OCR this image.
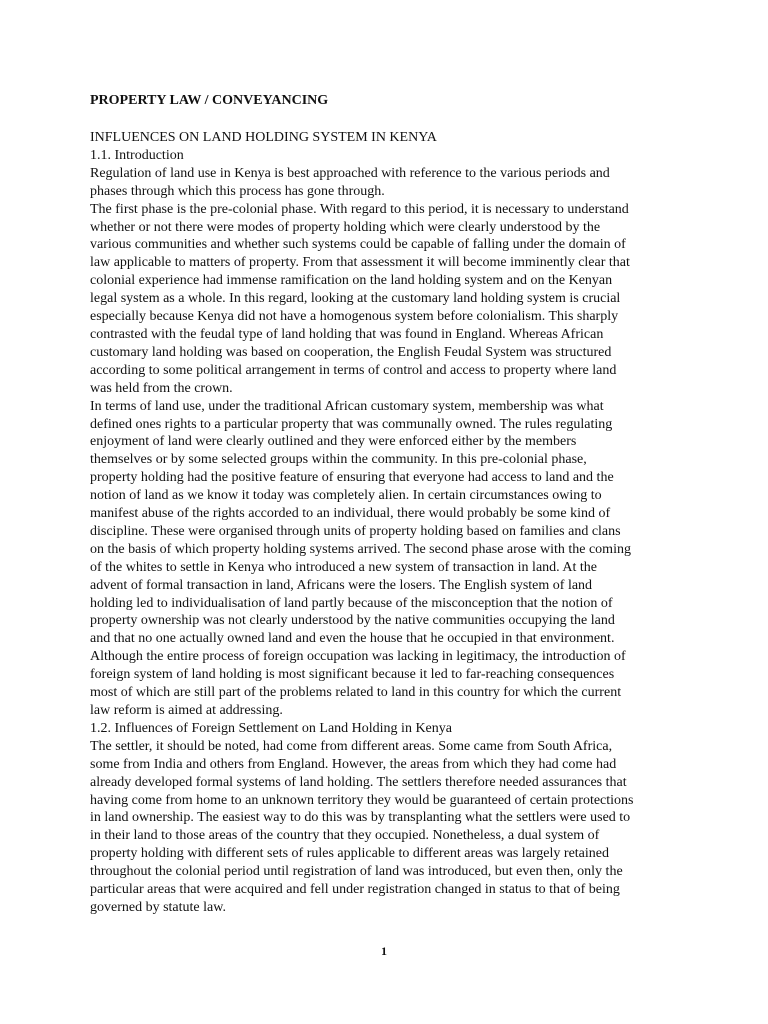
PROPERTY LAW / CONVEYANCING
INFLUENCES ON LAND HOLDING SYSTEM IN KENYA
1.1. Introduction
Regulation of land use in Kenya is best approached with reference to the various periods and
phases through which this process has gone through.
The first phase is the pre-colonial phase. With regard to this period, it is necessary to understand
whether or not there were modes of property holding which were clearly understood by the
various communities and whether such systems could be capable of falling under the domain of
law applicable to matters of property. From that assessment it will become imminently clear that
colonial experience had immense ramification on the land holding system and on the Kenyan
legal system as a whole. In this regard, looking at the customary land holding system is crucial
especially because Kenya did not have a homogenous system before colonialism. This sharply
contrasted with the feudal type of land holding that was found in England. Whereas African
customary land holding was based on cooperation, the English Feudal System was structured
according to some political arrangement in terms of control and access to property where land
was held from the crown.
In terms of land use, under the traditional African customary system, membership was what
defined ones rights to a particular property that was communally owned. The rules regulating
enjoyment of land were clearly outlined and they were enforced either by the members
themselves or by some selected groups within the community. In this pre-colonial phase,
property holding had the positive feature of ensuring that everyone had access to land and the
notion of land as we know it today was completely alien. In certain circumstances owing to
manifest abuse of the rights accorded to an individual, there would probably be some kind of
discipline. These were organised through units of property holding based on families and clans
on the basis of which property holding systems arrived. The second phase arose with the coming
of the whites to settle in Kenya who introduced a new system of transaction in land. At the
advent of formal transaction in land, Africans were the losers. The English system of land
holding led to individualisation of land partly because of the misconception that the notion of
property ownership was not clearly understood by the native communities occupying the land
and that no one actually owned land and even the house that he occupied in that environment.
Although the entire process of foreign occupation was lacking in legitimacy, the introduction of
foreign system of land holding is most significant because it led to far-reaching consequences
most of which are still part of the problems related to land in this country for which the current
law reform is aimed at addressing.
1.2. Influences of Foreign Settlement on Land Holding in Kenya
The settler, it should be noted, had come from different areas. Some came from South Africa,
some from India and others from England. However, the areas from which they had come had
already developed formal systems of land holding. The settlers therefore needed assurances that
having come from home to an unknown territory they would be guaranteed of certain protections
in land ownership. The easiest way to do this was by transplanting what the settlers were used to
in their land to those areas of the country that they occupied. Nonetheless, a dual system of
property holding with different sets of rules applicable to different areas was largely retained
throughout the colonial period until registration of land was introduced, but even then, only the
particular areas that were acquired and fell under registration changed in status to that of being
governed by statute law.
1
